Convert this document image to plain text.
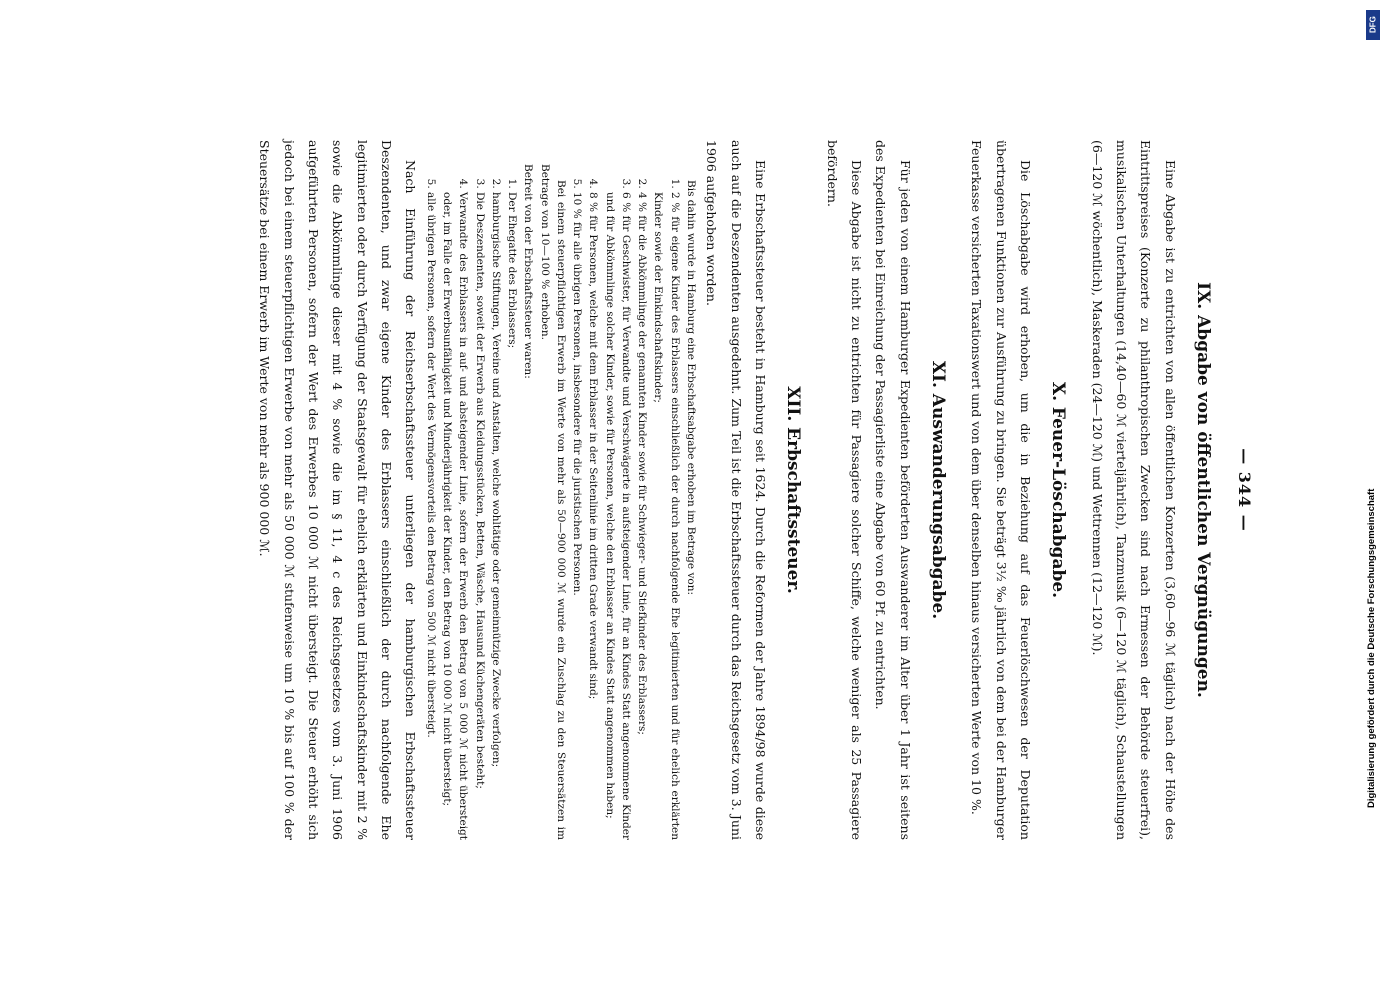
— 344 —
IX. Abgabe von öffentlichen Vergnügungen.

Eine Abgabe ist zu entrichten von allen öffentlichen Konzerten (3,60—96 ℳ täglich) nach der Höhe des Eintrittspreises (Konzerte zu philanthropischen Zwecken sind nach Ermessen der Behörde steuerfrei), musikalischen Unterhaltungen (14,40—60 ℳ vierteljährlich), Tanzmusik (6—120 ℳ täglich), Schaustellungen (6—120 ℳ wöchentlich), Maskeraden (24—120 ℳ) und Wettrennen (12—120 ℳ).

X. Feuer-Löschabgabe.

Die Löschabgabe wird erhoben, um die in Beziehung auf das Feuerlöschwesen der Deputation übertragenen Funktionen zur Ausführung zu bringen. Sie beträgt 3½ ‰ jährlich von dem bei der Hamburger Feuerkasse versicherten Taxationswert und von dem über denselben hinaus versicherten Werte von 10 %.

XI. Auswanderungsabgabe.

Für jeden von einem Hamburger Expedienten beförderten Auswanderer im Alter über 1 Jahr ist seitens des Expedienten bei Einreichung der Passagierliste eine Abgabe von 60 Pf. zu entrichten.

Diese Abgabe ist nicht zu entrichten für Passagiere solcher Schiffe, welche weniger als 25 Passagiere befördern.

XII. Erbschaftssteuer.

Eine Erbschaftssteuer besteht in Hamburg seit 1624. Durch die Reformen der Jahre 1894/98 wurde diese auch auf die Deszendenten ausgedehnt. Zum Teil ist die Erbschaftssteuer durch das Reichsgesetz vom 3. Juni 1906 aufgehoben worden.

Bis dahin wurde in Hamburg eine Erbschaftsabgabe erhoben im Betrage von:

1. 2 % für eigene Kinder des Erblassers einschließlich der durch nachfolgende Ehe legitimierten und für ehelich erklärten Kinder sowie der Einkindschaftskinder;
2. 4 % für die Abkömmlinge der genannten Kinder sowie für Schwieger- und Stiefkinder des Erblassers;
3. 6 % für Geschwister, für Verwandte und Verschwägerte in aufsteigender Linie, für an Kindes Statt angenommene Kinder und für Abkömmlinge solcher Kinder, sowie für Personen, welche den Erblasser an Kindes Statt angenommen haben;
4. 8 % für Personen, welche mit dem Erblasser in der Seitenlinie im dritten Grade verwandt sind;
5. 10 % für alle übrigen Personen, insbesondere für die juristischen Personen.

Bei einem steuerpflichtigen Erwerb im Werte von mehr als 50—900 000 ℳ wurde ein Zuschlag zu den Steuersätzen im Betrage von 10—100 % erhoben.

Befreit von der Erbschaftssteuer waren:

1. Der Ehegatte des Erblassers;
2. hamburgische Stiftungen, Vereine und Anstalten, welche wohltätige oder gemeinnützige Zwecke verfolgen;
3. Die Deszendenten, soweit der Erwerb aus Kleidungsstücken, Betten, Wäsche, Hausund Küchengeräten besteht;
4. Verwandte des Erblassers in auf- und absteigender Linie, sofern der Erwerb den Betrag von 5 000 ℳ nicht übersteigt oder, im Falle der Erwerbsunfähigkeit und Minderjährigkeit der Kinder, den Betrag von 10 000 ℳ nicht übersteigt;
5. alle übrigen Personen, sofern der Wert des Vermögensvorteils den Betrag von 500 ℳ nicht übersteigt.

Nach Einführung der Reichserbschaftssteuer unterliegen der hamburgischen Erbschaftssteuer Deszendenten, und zwar eigene Kinder des Erblassers einschließlich der durch nachfolgende Ehe legitimierten oder durch Verfügung der Staatsgewalt für ehelich erklärten und Einkindschaftskinder mit 2 % sowie die Abkömmlinge dieser mit 4 % sowie die im § 11, 4 c des Reichsgesetzes vom 3. Juni 1906 aufgeführten Personen, sofern der Wert des Erwerbes 10 000 ℳ nicht übersteigt. Die Steuer erhöht sich jedoch bei einem steuerpflichtigen Erwerbe von mehr als 50 000 ℳ stufenweise um 10 % bis auf 100 % der Steuersätze bei einem Erwerb im Werte von mehr als 900 000 ℳ.

DFG
Digitalisierung gefördert durch die Deutsche Forschungsgemeinschaft
